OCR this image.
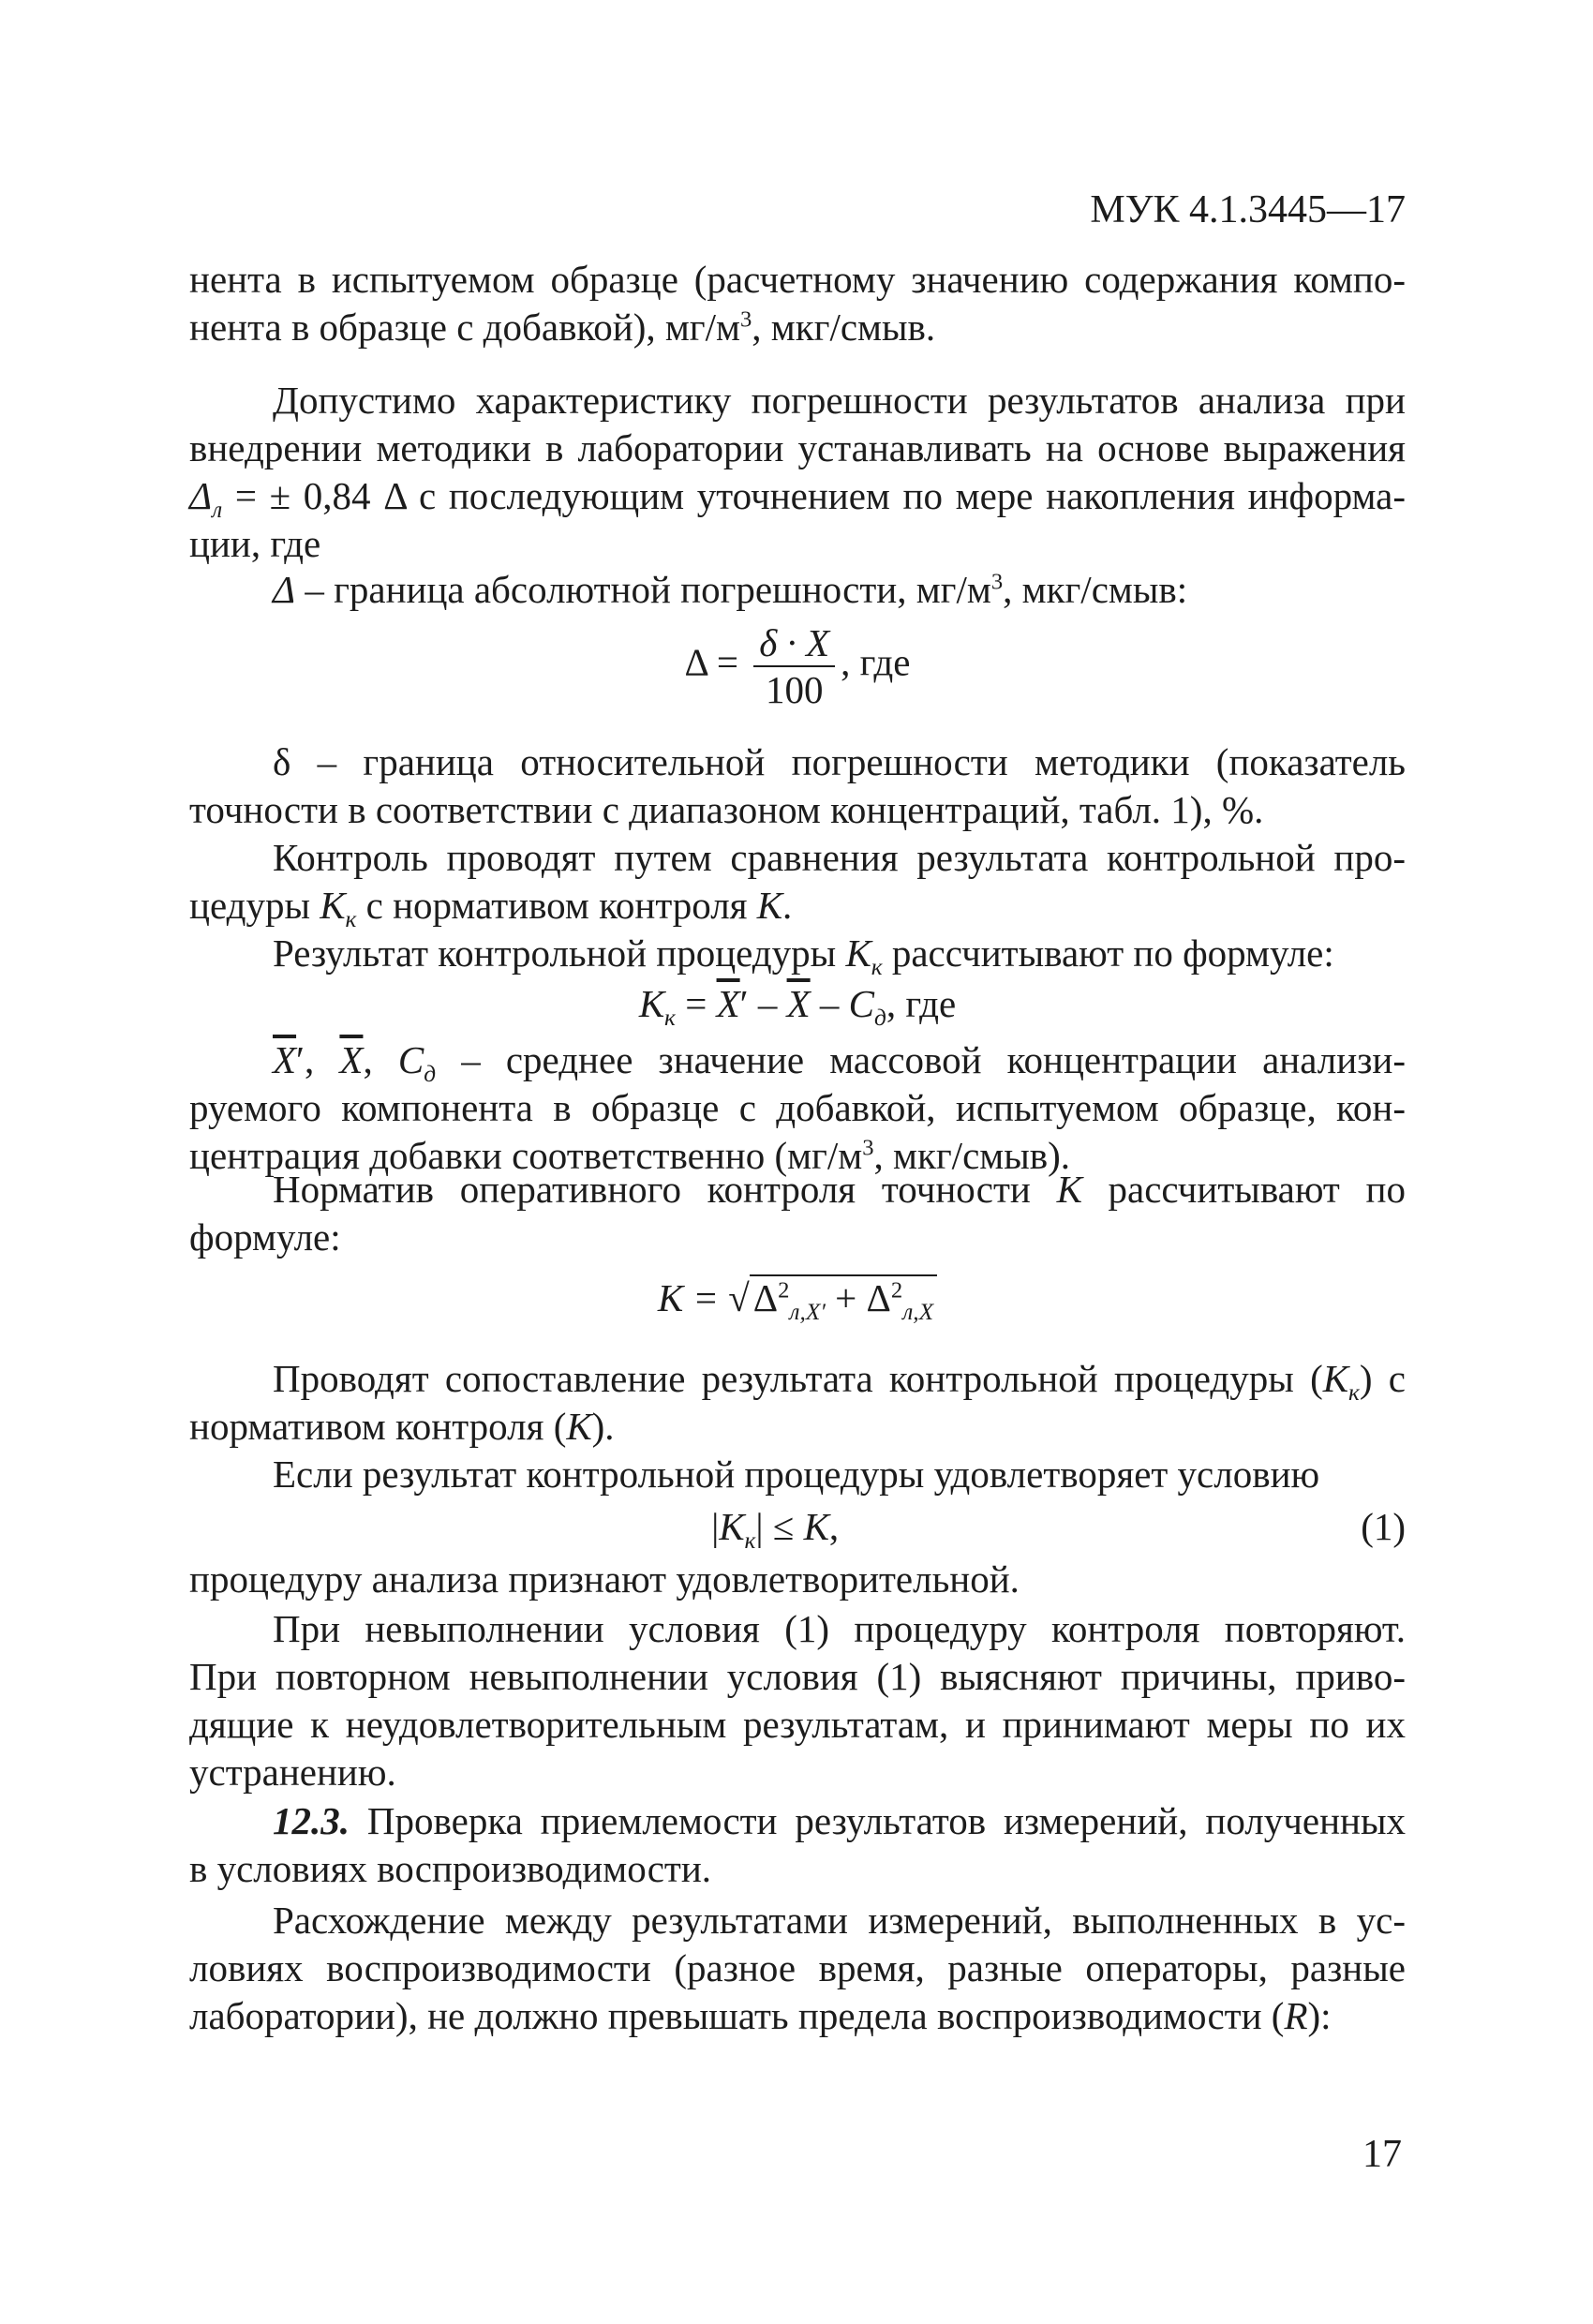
МУК 4.1.3445—17
нента в испытуемом образце (расчетному значению содержания компо-
нента в образце с добавкой), $мг/м^3$, мкг/смыв.
Допустимо характеристику погрешности результатов анализа при
внедрении методики в лаборатории устанавливать на основе выражения
$\Delta_л$ = ± 0,84 Δ с последующим уточнением по мере накопления информа-
ции, где
Δ – граница абсолютной погрешности, $мг/м^3$, мкг/смыв:
$\Delta = \frac{\delta \cdot X}{100}$ , где
δ – граница относительной погрешности методики (показатель
точности в соответствии с диапазоном концентраций, табл. 1), %.
Контроль проводят путем сравнения результата контрольной про-
цедуры $К_к$ с нормативом контроля К.
Результат контрольной процедуры $К_к$ рассчитывают по формуле:
$К_к = \overline{X}' - \overline{X} - C_д$, где
$\overline{X}'$, $\overline{X}$, $C_д$ – среднее значение массовой концентрации анализи-
руемого компонента в образце с добавкой, испытуемом образце, кон-
центрация добавки соответственно ($мг/м^3$, мкг/смыв).
Норматив оперативного контроля точности К рассчитывают по
формуле:
$К = √\Delta^2_{л,X'} + \Delta^2_{л,X}$
Проводят сопоставление результата контрольной процедуры $(К_к)$ с
нормативом контроля (К).
Если результат контрольной процедуры удовлетворяет условию
(1)
$|К_к| \le К$,
процедуру анализа признают удовлетворительной.
При невыполнении условия (1) процедуру контроля повторяют.
При повторном невыполнении условия (1) выясняют причины, приво-
дящие к неудовлетворительным результатам, и принимают меры по их
устранению.
12.3. Проверка приемлемости результатов измерений, полученных
в условиях воспроизводимости.
Расхождение между результатами измерений, выполненных в ус-
ловиях воспроизводимости (разное время, разные операторы, разные
лаборатории), не должно превышать предела воспроизводимости (R):
17
